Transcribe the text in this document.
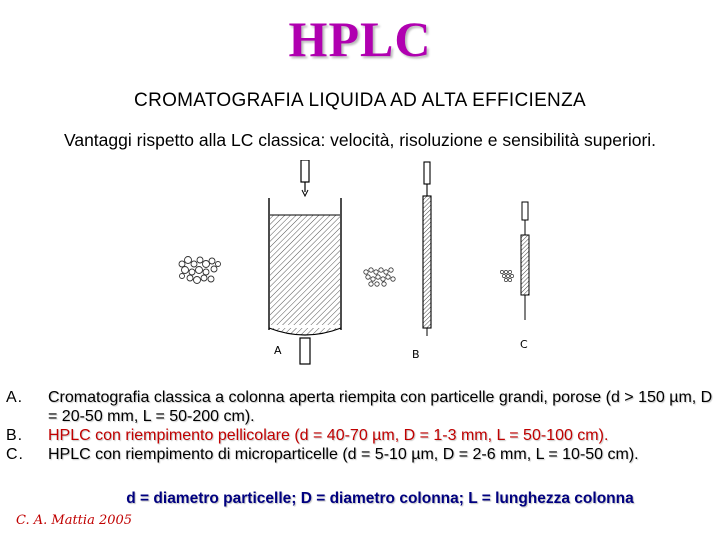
HPLC
CROMATOGRAFIA LIQUIDA AD ALTA EFFICIENZA
Vantaggi rispetto alla LC classica: velocità, risoluzione e sensibilità superiori.
A	B
C
A.	Cromatografia classica a colonna aperta riempita con particelle grandi, porose (d > 150 µm, D = 20-50 mm, L = 50-200 cm).
B.	HPLC con riempimento pellicolare (d = 40-70 µm, D = 1-3 mm, L = 50-100 cm).
C.	HPLC con riempimento di microparticelle (d = 5-10 µm, D = 2-6 mm, L = 10-50 cm).
d = diametro particelle; D = diametro colonna; L = lunghezza colonna
C. A. Mattia 2005
